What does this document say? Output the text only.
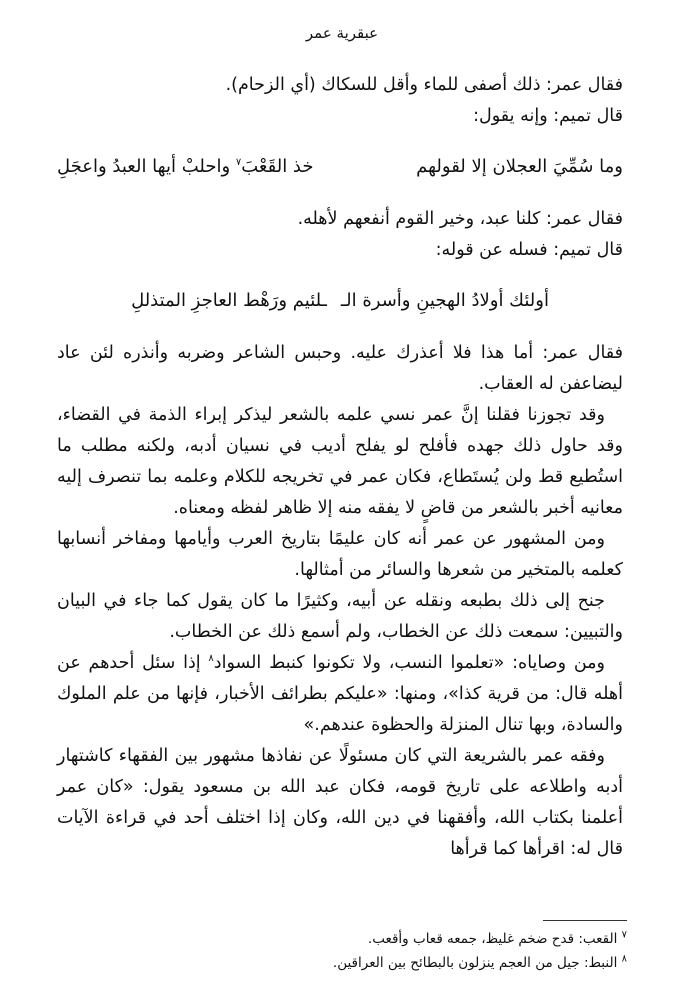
عبقرية عمر

فقال عمر: ذلك أصفى للماء وأقل للسكاك (أي الزحام).

قال تميم: وإنه يقول:

وما سُمِّيَ العجلان إلا لقولهم
خذ القَعْبَ$^٧$ واحلبْ أيها العبدُ واعجَلِ

فقال عمر: كلنا عبد، وخير القوم أنفعهم لأهله.

قال تميم: فسله عن قوله:

أولئك أولادُ الهجينِ وأسرة الـ
ـلئيم ورَهْط العاجزِ المتذللِ

فقال عمر: أما هذا فلا أعذرك عليه. وحبس الشاعر وضربه وأنذره لئن عاد ليضاعفن له العقاب.

وقد تجوزنا فقلنا إنَّ عمر نسي علمه بالشعر ليذكر إبراء الذمة في القضاء، وقد حاول ذلك جهده فأفلح لو يفلح أديب في نسيان أدبه، ولكنه مطلب ما استُطيع قط ولن يُستَطاع، فكان عمر في تخريجه للكلام وعلمه بما تنصرف إليه معانيه أخبر بالشعر من قاضٍ لا يفقه منه إلا ظاهر لفظه ومعناه.

ومن المشهور عن عمر أنه كان عليمًا بتاريخ العرب وأيامها ومفاخر أنسابها كعلمه بالمتخير من شعرها والسائر من أمثالها.

جنح إلى ذلك بطبعه ونقله عن أبيه، وكثيرًا ما كان يقول كما جاء في البيان والتبيين: سمعت ذلك عن الخطاب، ولم أسمع ذلك عن الخطاب.

ومن وصاياه: «تعلموا النسب، ولا تكونوا كنبط السواد$^٨$ إذا سئل أحدهم عن أهله قال: من قرية كذا»، ومنها: «عليكم بطرائف الأخبار، فإنها من علم الملوك والسادة، وبها تنال المنزلة والحظوة عندهم.»

وفقه عمر بالشريعة التي كان مسئولًا عن نفاذها مشهور بين الفقهاء كاشتهار أدبه واطلاعه على تاريخ قومه، فكان عبد الله بن مسعود يقول: «كان عمر أعلمنا بكتاب الله، وأفقهنا في دين الله، وكان إذا اختلف أحد في قراءة الآيات قال له: اقرأها كما قرأها

$^٧$ القعب: قدح ضخم غليظ، جمعه قعاب وأقعب.

$^٨$ النبط: جيل من العجم ينزلون بالبطائح بين العراقين.
